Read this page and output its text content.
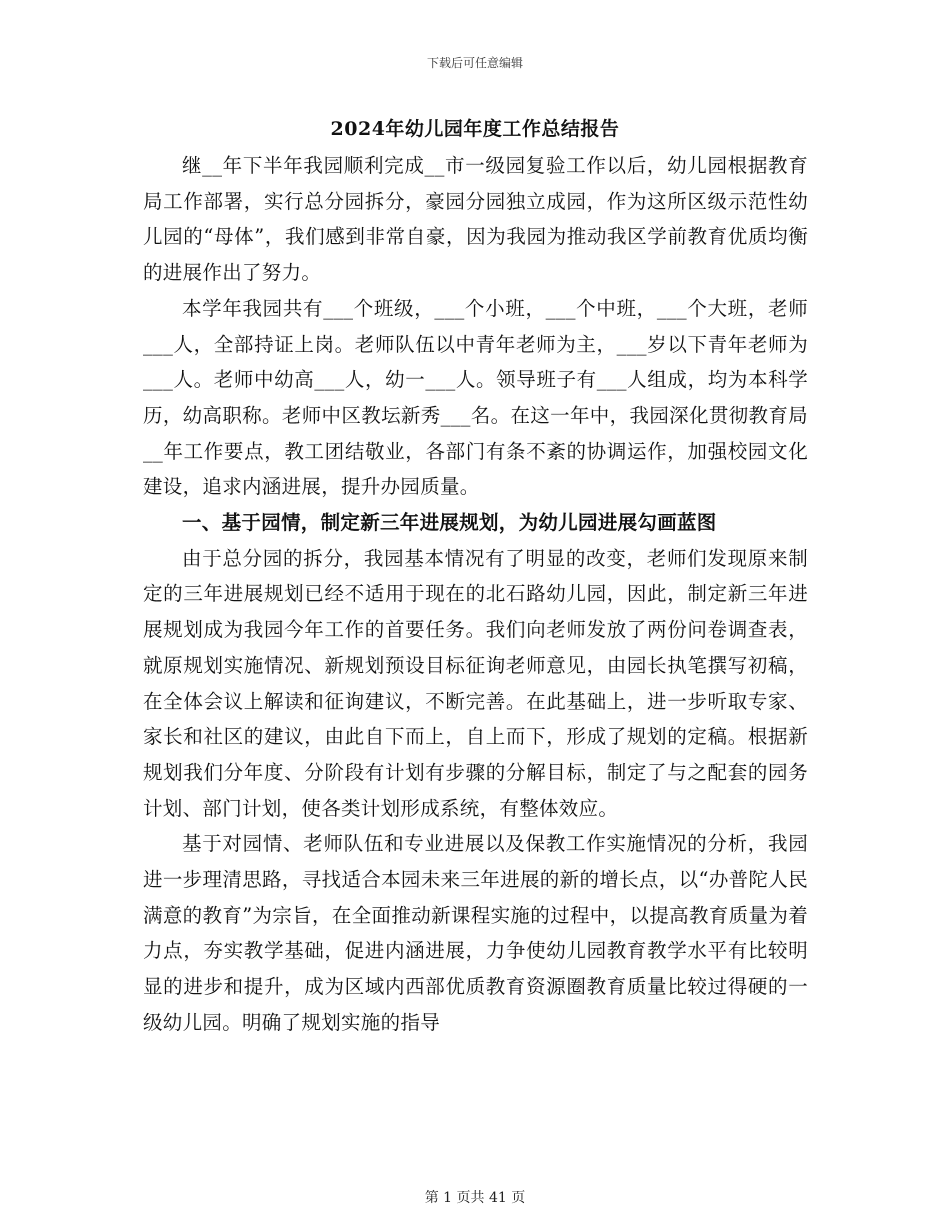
下载后可任意编辑
2024年幼儿园年度工作总结报告

继__年下半年我园顺利完成__市一级园复验工作以后，幼儿园根据教育局工作部署，实行总分园拆分，豪园分园独立成园，作为这所区级示范性幼儿园的“母体”，我们感到非常自豪，因为我园为推动我区学前教育优质均衡的进展作出了努力。

本学年我园共有___个班级，___个小班，___个中班，___个大班，老师___人，全部持证上岗。老师队伍以中青年老师为主，___岁以下青年老师为___人。老师中幼高___人，幼一___人。领导班子有___人组成，均为本科学历，幼高职称。老师中区教坛新秀___名。在这一年中，我园深化贯彻教育局__年工作要点，教工团结敬业，各部门有条不紊的协调运作，加强校园文化建设，追求内涵进展，提升办园质量。

一、基于园情，制定新三年进展规划，为幼儿园进展勾画蓝图

由于总分园的拆分，我园基本情况有了明显的改变，老师们发现原来制定的三年进展规划已经不适用于现在的北石路幼儿园，因此，制定新三年进展规划成为我园今年工作的首要任务。我们向老师发放了两份问卷调查表，就原规划实施情况、新规划预设目标征询老师意见，由园长执笔撰写初稿，在全体会议上解读和征询建议，不断完善。在此基础上，进一步听取专家、家长和社区的建议，由此自下而上，自上而下，形成了规划的定稿。根据新规划我们分年度、分阶段有计划有步骤的分解目标，制定了与之配套的园务计划、部门计划，使各类计划形成系统，有整体效应。

基于对园情、老师队伍和专业进展以及保教工作实施情况的分析，我园进一步理清思路，寻找适合本园未来三年进展的新的增长点，以“办普陀人民满意的教育”为宗旨，在全面推动新课程实施的过程中，以提高教育质量为着力点，夯实教学基础，促进内涵进展，力争使幼儿园教育教学水平有比较明显的进步和提升，成为区域内西部优质教育资源圈教育质量比较过得硬的一级幼儿园。明确了规划实施的指导

第 1 页共 41 页
